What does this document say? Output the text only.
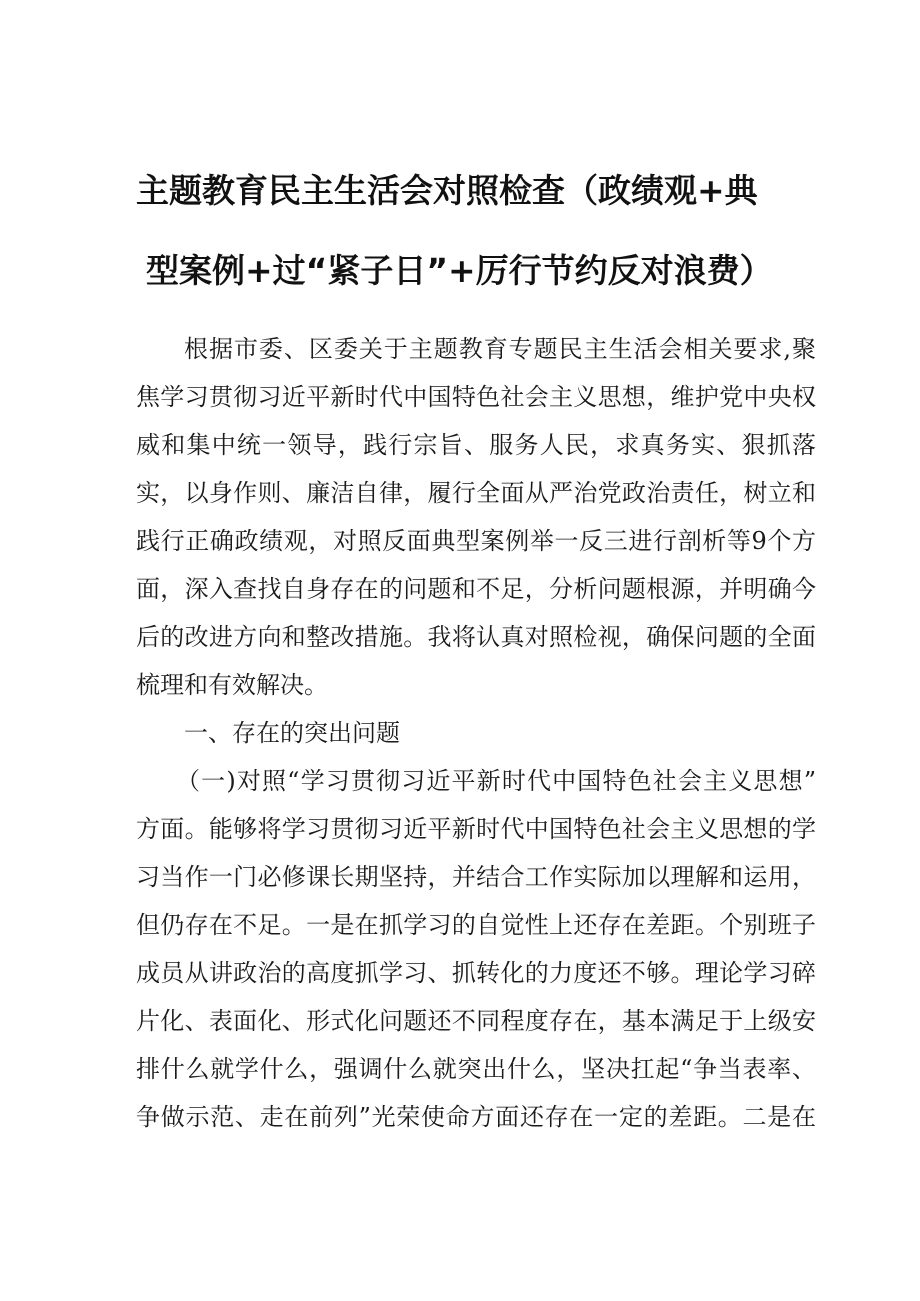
主题教育民主生活会对照检查（政绩观+典
型案例+过“紧子日”+厉行节约反对浪费）
根据市委、区委关于主题教育专题民主生活会相关要求,聚
焦学习贯彻习近平新时代中国特色社会主义思想，维护党中央权
威和集中统一领导，践行宗旨、服务人民，求真务实、狠抓落
实，以身作则、廉洁自律，履行全面从严治党政治责任，树立和
践行正确政绩观，对照反面典型案例举一反三进行剖析等9个方
面，深入查找自身存在的问题和不足，分析问题根源，并明确今
后的改进方向和整改措施。我将认真对照检视，确保问题的全面
梳理和有效解决。
一、存在的突出问题
（一)对照“学习贯彻习近平新时代中国特色社会主义思想”
方面。能够将学习贯彻习近平新时代中国特色社会主义思想的学
习当作一门必修课长期坚持，并结合工作实际加以理解和运用，
但仍存在不足。一是在抓学习的自觉性上还存在差距。个别班子
成员从讲政治的高度抓学习、抓转化的力度还不够。理论学习碎
片化、表面化、形式化问题还不同程度存在，基本满足于上级安
排什么就学什么，强调什么就突出什么，坚决扛起“争当表率、
争做示范、走在前列”光荣使命方面还存在一定的差距。二是在
